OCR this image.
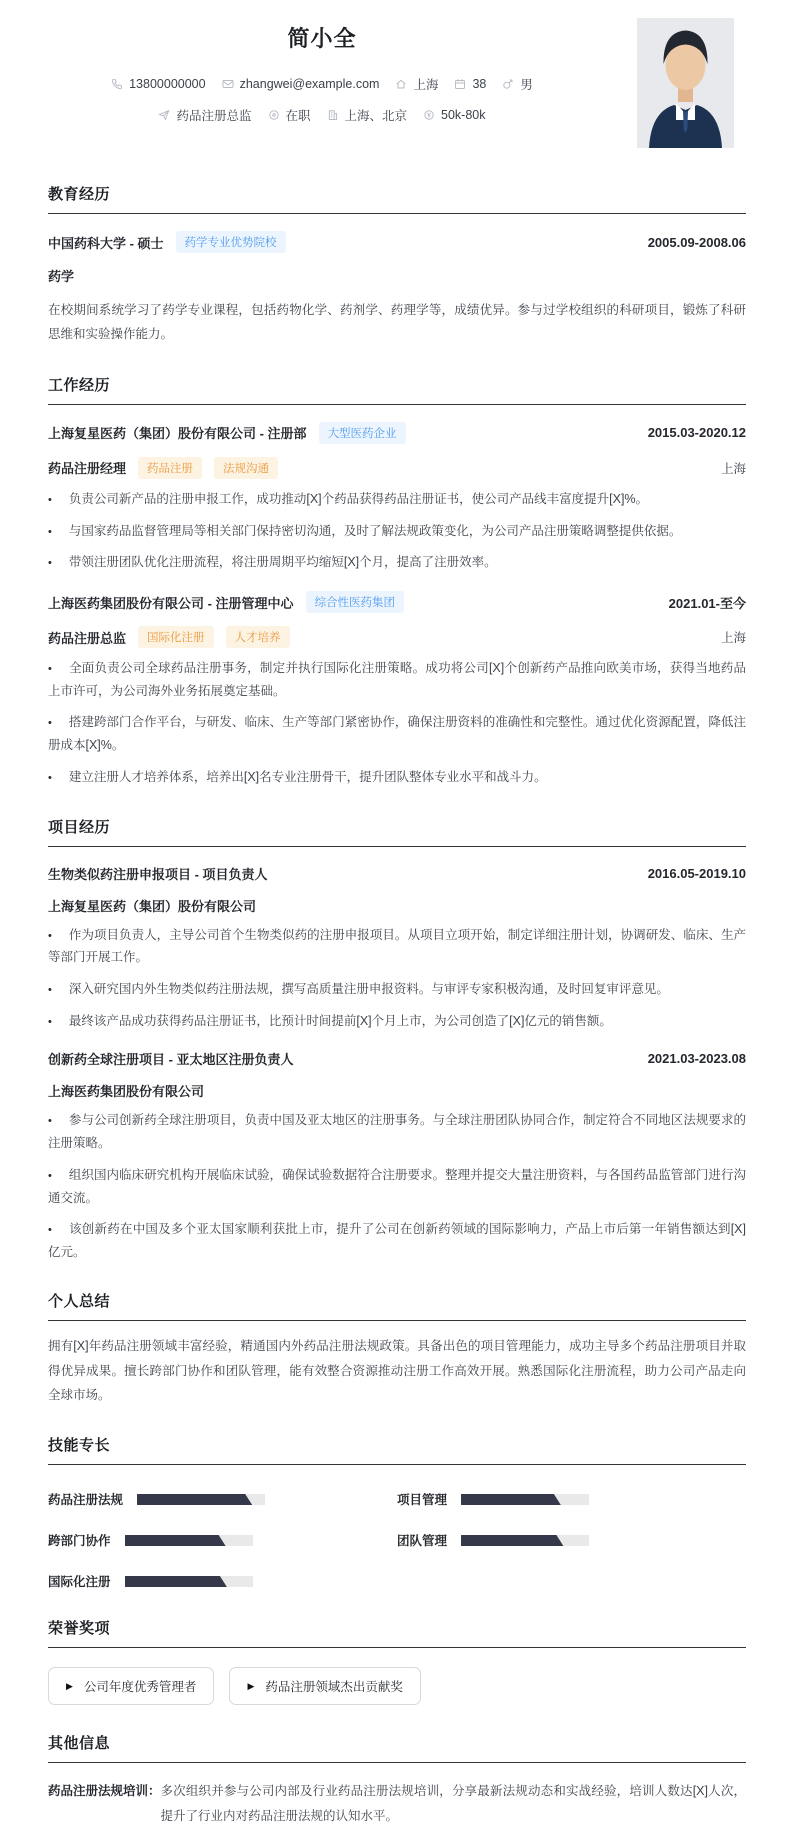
简小全
13800000000	zhangwei@example.com	上海	38	男
药品注册总监	在职	上海、北京	50k-80k
教育经历
中国药科大学 - 硕士	药学专业优势院校	2005.09-2008.06
药学
在校期间系统学习了药学专业课程，包括药物化学、药剂学、药理学等，成绩优异。参与过学校组织的科研项目，锻炼了科研思维和实验操作能力。
工作经历
上海复星医药（集团）股份有限公司 - 注册部	大型医药企业	2015.03-2020.12
药品注册经理	药品注册	法规沟通	上海
• 负责公司新产品的注册申报工作，成功推动[X]个药品获得药品注册证书，使公司产品线丰富度提升[X]%。
• 与国家药品监督管理局等相关部门保持密切沟通，及时了解法规政策变化，为公司产品注册策略调整提供依据。
• 带领注册团队优化注册流程，将注册周期平均缩短[X]个月，提高了注册效率。
上海医药集团股份有限公司 - 注册管理中心	综合性医药集团	2021.01-至今
药品注册总监	国际化注册	人才培养	上海
• 全面负责公司全球药品注册事务，制定并执行国际化注册策略。成功将公司[X]个创新药产品推向欧美市场，获得当地药品上市许可，为公司海外业务拓展奠定基础。
• 搭建跨部门合作平台，与研发、临床、生产等部门紧密协作，确保注册资料的准确性和完整性。通过优化资源配置，降低注册成本[X]%。
• 建立注册人才培养体系，培养出[X]名专业注册骨干，提升团队整体专业水平和战斗力。
项目经历
生物类似药注册申报项目 - 项目负责人	2016.05-2019.10
上海复星医药（集团）股份有限公司
• 作为项目负责人，主导公司首个生物类似药的注册申报项目。从项目立项开始，制定详细注册计划，协调研发、临床、生产等部门开展工作。
• 深入研究国内外生物类似药注册法规，撰写高质量注册申报资料。与审评专家积极沟通，及时回复审评意见。
• 最终该产品成功获得药品注册证书，比预计时间提前[X]个月上市，为公司创造了[X]亿元的销售额。
创新药全球注册项目 - 亚太地区注册负责人	2021.03-2023.08
上海医药集团股份有限公司
• 参与公司创新药全球注册项目，负责中国及亚太地区的注册事务。与全球注册团队协同合作，制定符合不同地区法规要求的注册策略。
• 组织国内临床研究机构开展临床试验，确保试验数据符合注册要求。整理并提交大量注册资料，与各国药品监管部门进行沟通交流。
• 该创新药在中国及多个亚太国家顺利获批上市，提升了公司在创新药领域的国际影响力，产品上市后第一年销售额达到[X]亿元。
个人总结
拥有[X]年药品注册领域丰富经验，精通国内外药品注册法规政策。具备出色的项目管理能力，成功主导多个药品注册项目并取得优异成果。擅长跨部门协作和团队管理，能有效整合资源推动注册工作高效开展。熟悉国际化注册流程，助力公司产品走向全球市场。
技能专长
药品注册法规
跨部门协作
国际化注册
项目管理
团队管理
荣誉奖项
▶ 公司年度优秀管理者	▶ 药品注册领域杰出贡献奖
其他信息
药品注册法规培训： 多次组织并参与公司内部及行业药品注册法规培训，分享最新法规动态和实战经验，培训人数达[X]人次，提升了行业内对药品注册法规的认知水平。
